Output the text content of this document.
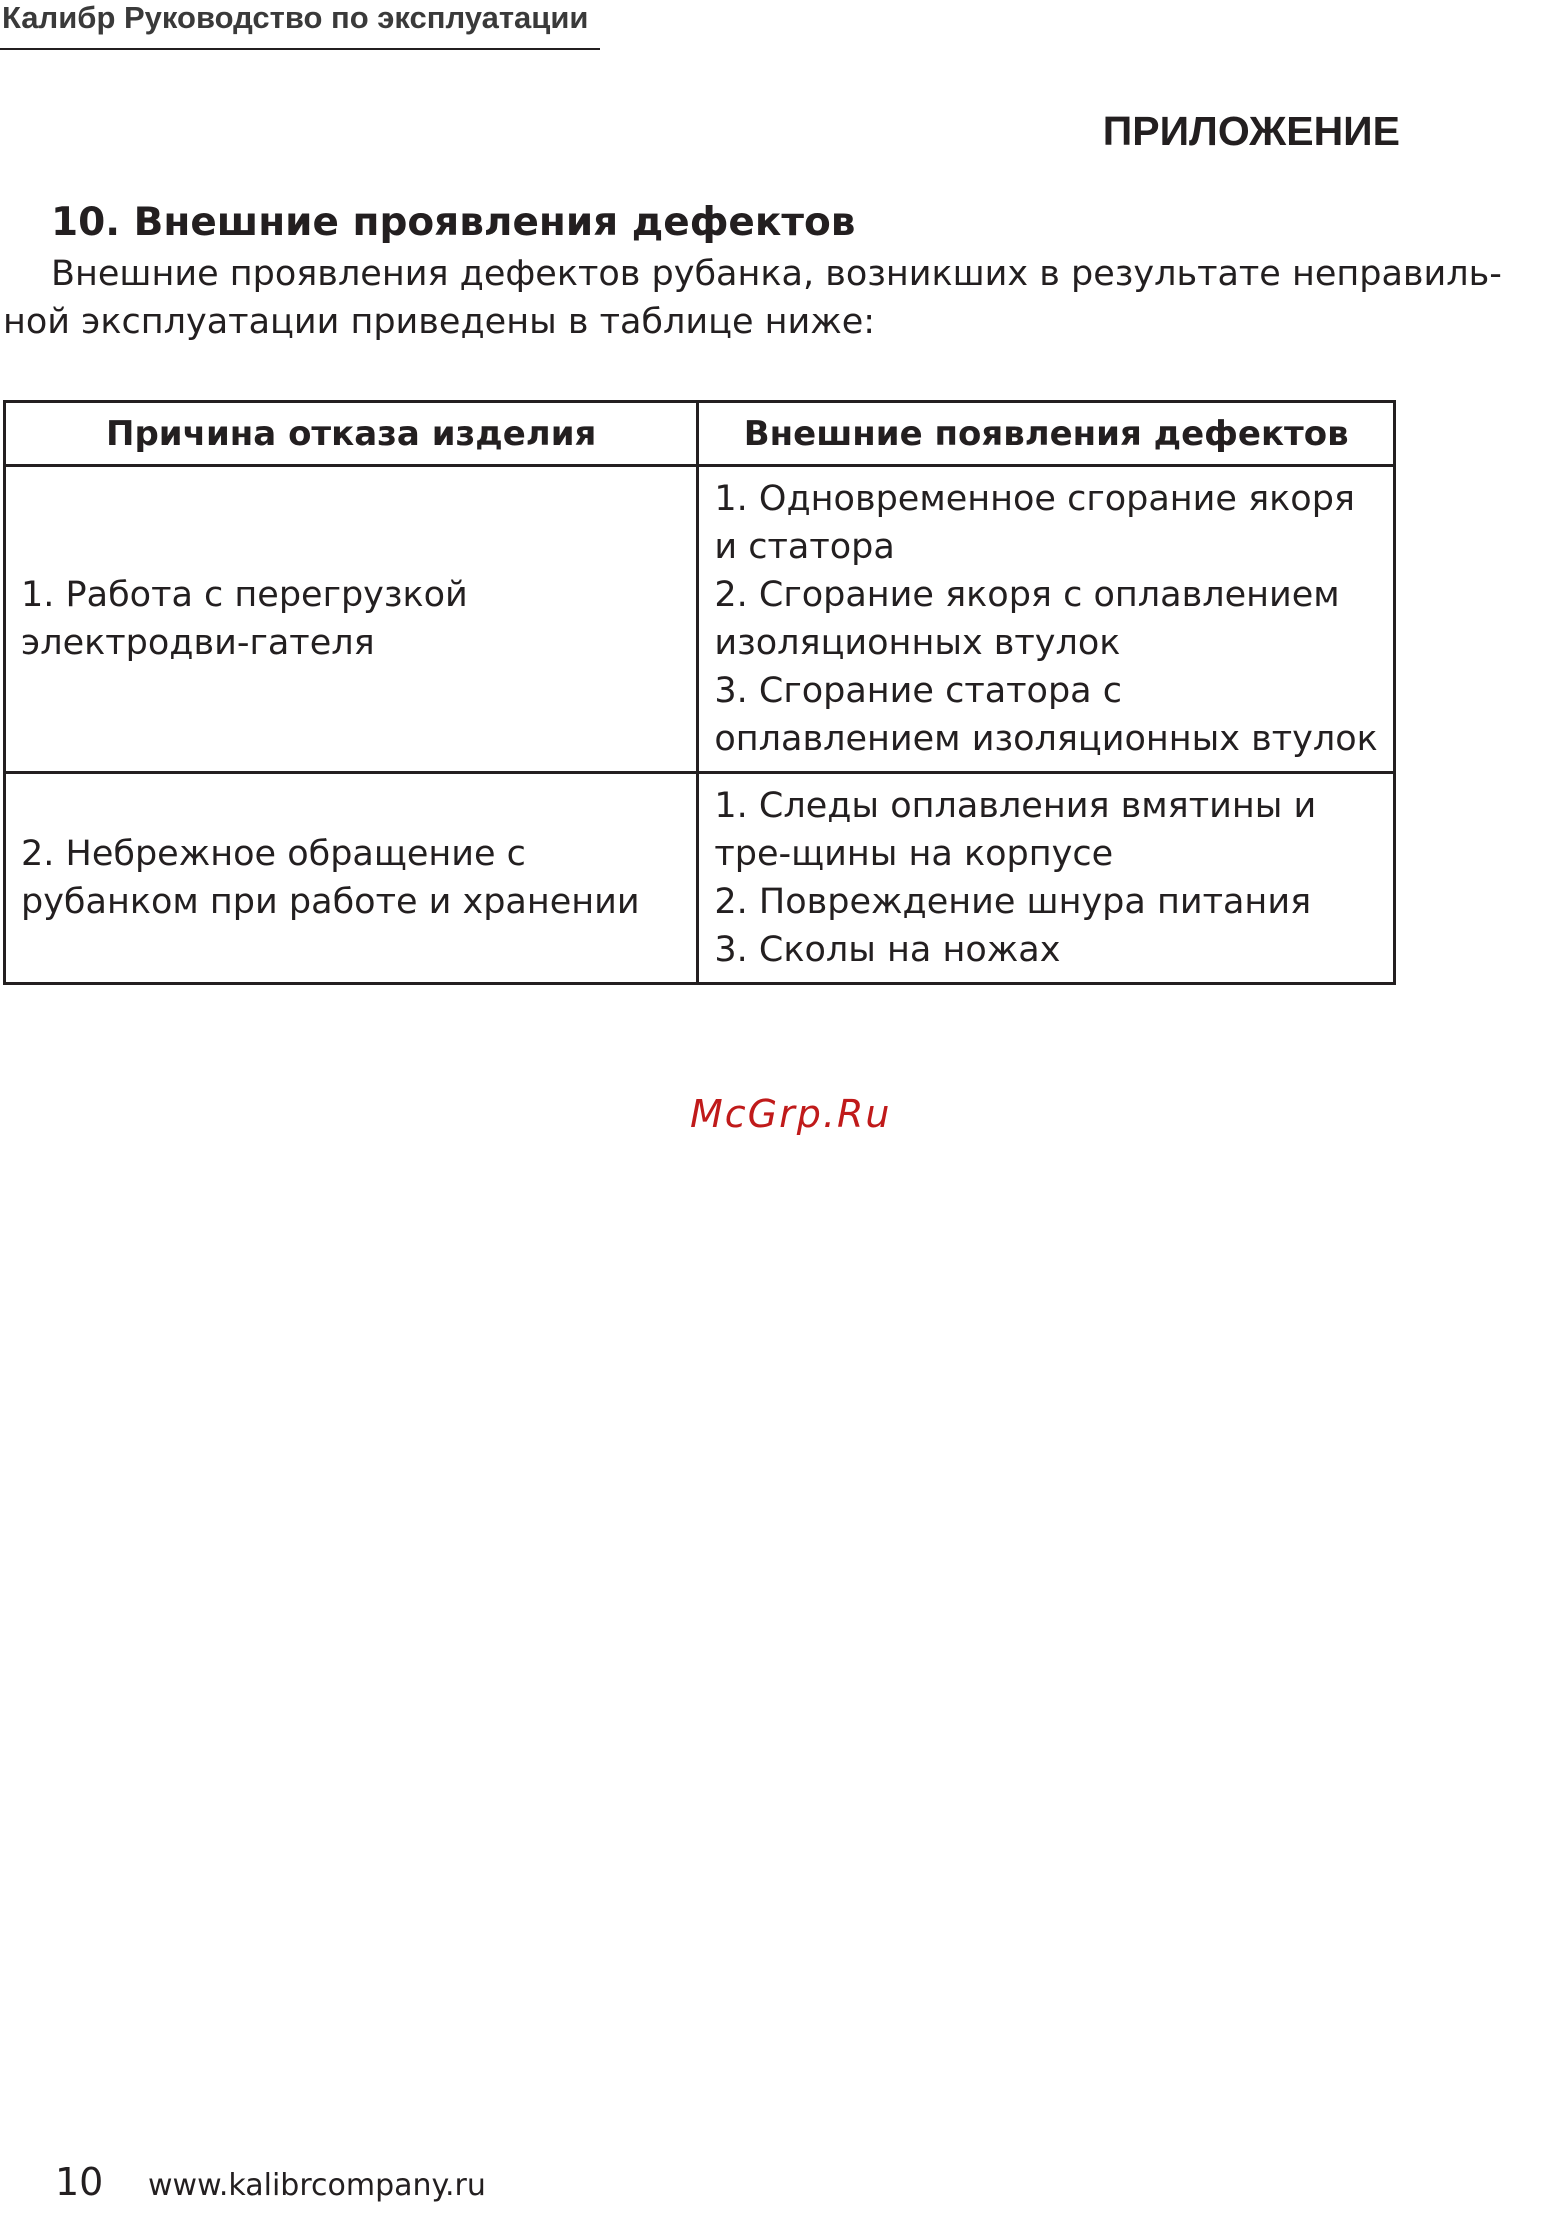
Калибр Руководство по эксплуатации
ПРИЛОЖЕНИЕ
10. Внешние проявления дефектов
Внешние проявления дефектов рубанка, возникших в результате неправиль-
ной эксплуатации приведены в таблице ниже:
Причина отказа изделия	Внешние появления дефектов

1. Работа с перегрузкой электродви-гателя	1. Одновременное сгорание якоря и статора
2. Сгорание якоря с оплавлением изоляционных втулок
3. Сгорание статора с оплавлением изоляционных втулок

2. Небрежное обращение с рубанком при работе и хранении	1. Следы оплавления вмятины и тре-щины на корпусе
2. Повреждение шнура питания
3. Сколы на ножах
McGrp.Ru
10 www.kalibrcompany.ru
